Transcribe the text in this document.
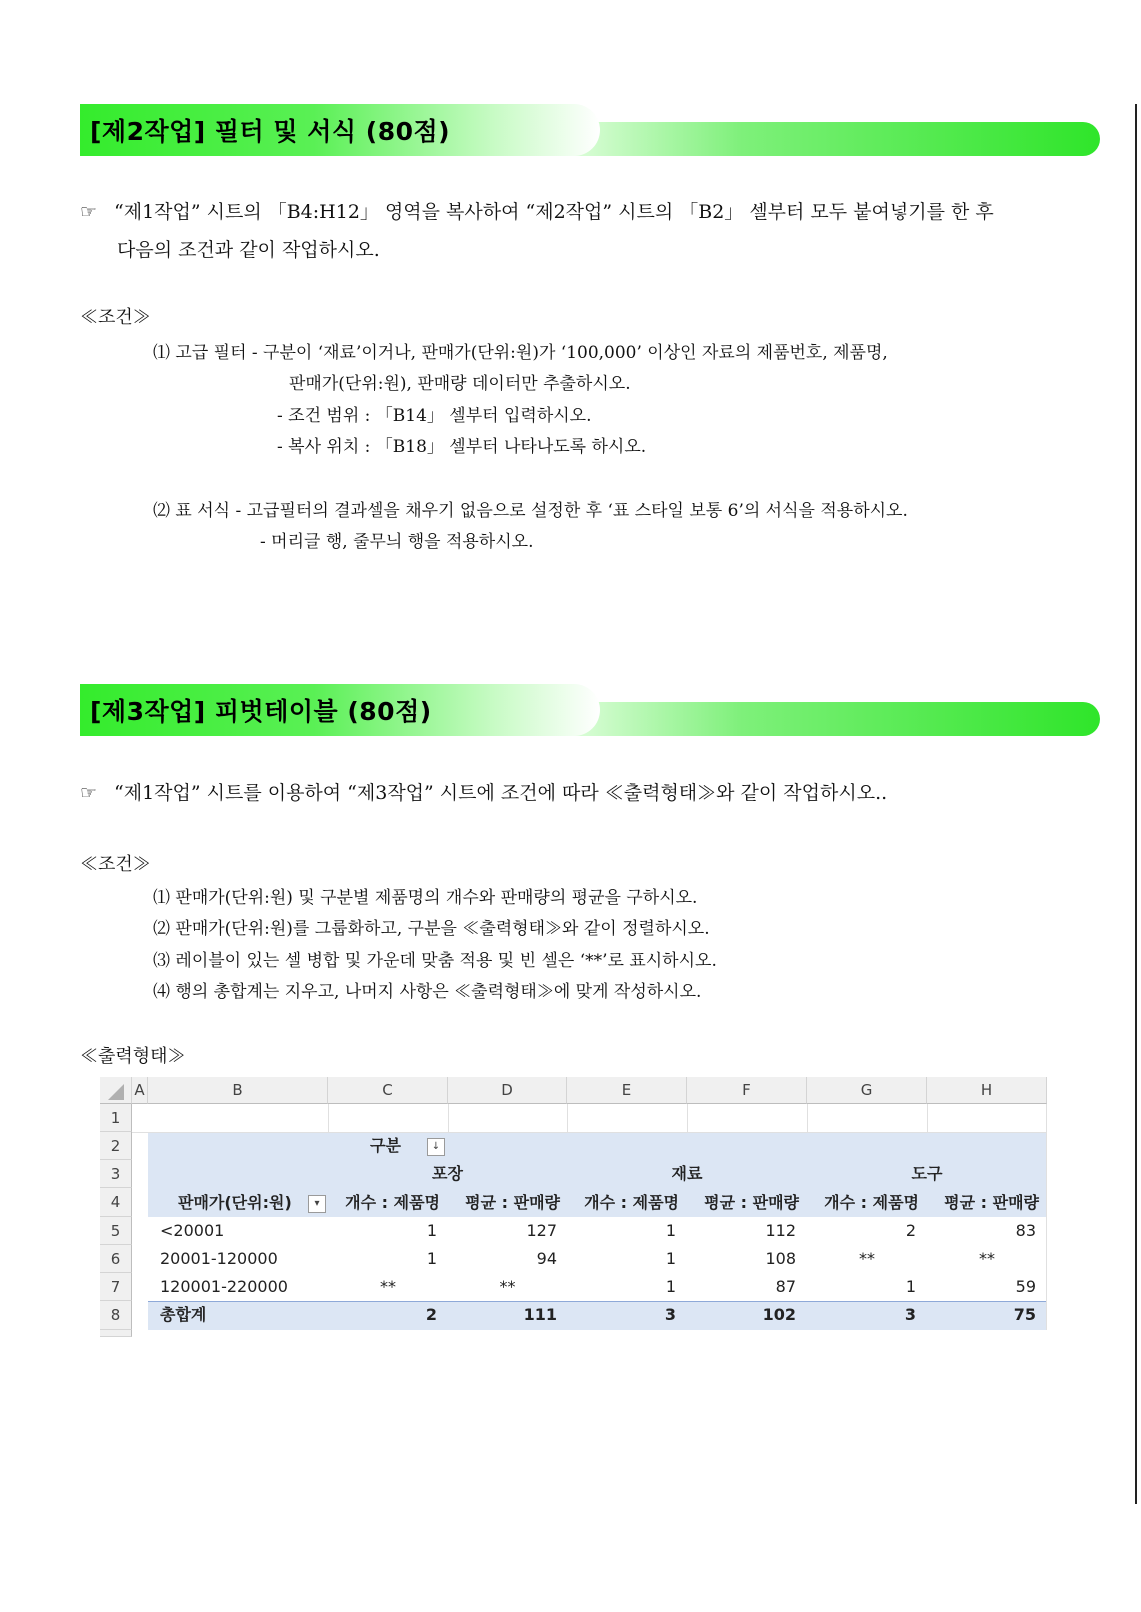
[제2작업] 필터 및 서식 (80점)
☞ “제1작업” 시트의 「B4:H12」 영역을 복사하여 “제2작업” 시트의 「B2」 셀부터 모두 붙여넣기를 한 후
다음의 조건과 같이 작업하시오.
≪조건≫
⑴ 고급 필터 - 구분이 ‘재료’이거나, 판매가(단위:원)가 ‘100,000’ 이상인 자료의 제품번호, 제품명,
판매가(단위:원), 판매량 데이터만 추출하시오.
- 조건 범위 : 「B14」 셀부터 입력하시오.
- 복사 위치 : 「B18」 셀부터 나타나도록 하시오.
⑵ 표 서식 - 고급필터의 결과셀을 채우기 없음으로 설정한 후 ‘표 스타일 보통 6’의 서식을 적용하시오.
- 머리글 행, 줄무늬 행을 적용하시오.
[제3작업] 피벗테이블 (80점)
☞ “제1작업” 시트를 이용하여 “제3작업” 시트에 조건에 따라 ≪출력형태≫와 같이 작업하시오..
≪조건≫
⑴ 판매가(단위:원) 및 구분별 제품명의 개수와 판매량의 평균을 구하시오.
⑵ 판매가(단위:원)를 그룹화하고, 구분을 ≪출력형태≫와 같이 정렬하시오.
⑶ 레이블이 있는 셀 병합 및 가운데 맞춤 적용 및 빈 셀은 ‘**’로 표시하시오.
⑷ 행의 총합계는 지우고, 나머지 사항은 ≪출력형태≫에 맞게 작성하시오.
≪출력형태≫
A	B	C	D	E	F	G	H
1
2
3
4
5
6
7
8
구분	↓
포장	재료	도구
판매가(단위:원)	▾	개수 : 제품명	평균 : 판매량	개수 : 제품명	평균 : 판매량	개수 : 제품명	평균 : 판매량
<20001	1	127	1	112	2	83
20001-120000	1	94	1	108	**	**
120001-220000	**	**	1	87	1	59
총합계	2	111	3	102	3	75
